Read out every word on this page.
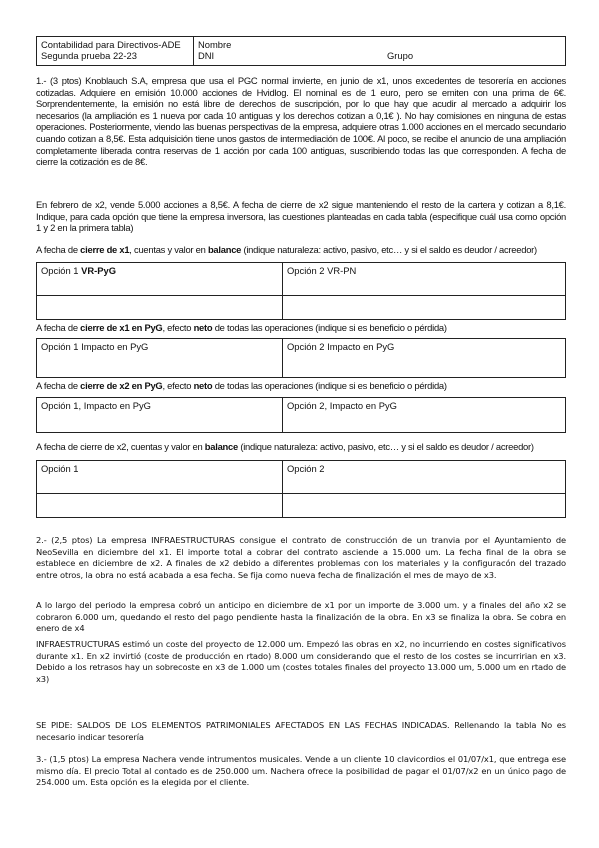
Contabilidad para Directivos-ADE
Segunda prueba 22-23

Nombre
DNI	Grupo
1.- (3 ptos) Knoblauch S.A, empresa que usa el PGC normal invierte, en junio de x1, unos excedentes de tesorería en acciones cotizadas. Adquiere en emisión 10.000 acciones de Hvidlog. El nominal es de 1 euro, pero se emiten con una prima de 6€. Sorprendentemente, la emisión no está libre de derechos de suscripción, por lo que hay que acudir al mercado a adquirir los necesarios (la ampliación es 1 nueva por cada 10 antiguas y los derechos cotizan a 0,1€ ). No hay comisiones en ninguna de estas operaciones. Posteriormente, viendo las buenas perspectivas de la empresa, adquiere otras 1.000 acciones en el mercado secundario cuando cotizan a 8,5€. Esta adquisición tiene unos gastos de intermediación de 100€. Al poco, se recibe el anuncio de una ampliación completamente liberada contra reservas de 1 acción por cada 100 antiguas, suscribiendo todas las que corresponden. A fecha de cierre la cotización es de 8€.
En febrero de x2, vende 5.000 acciones a 8,5€. A fecha de cierre de x2 sigue manteniendo el resto de la cartera y cotizan a 8,1€. Indique, para cada opción que tiene la empresa inversora, las cuestiones planteadas en cada tabla (especifique cuál usa como opción 1 y 2 en la primera tabla)
A fecha de cierre de x1, cuentas y valor en balance (indique naturaleza: activo, pasivo, etc… y si el saldo es deudor / acreedor)
Opción 1 VR-PyG	Opción 2 VR-PN

A fecha de cierre de x1 en PyG, efecto neto de todas las operaciones (indique si es beneficio o pérdida)
Opción 1 Impacto en PyG	Opción 2 Impacto en PyG
A fecha de cierre de x2 en PyG, efecto neto de todas las operaciones (indique si es beneficio o pérdida)
Opción 1, Impacto en PyG	Opción 2, Impacto en PyG
A fecha de cierre de x2, cuentas y valor en balance (indique naturaleza: activo, pasivo, etc… y si el saldo es deudor / acreedor)
Opción 1	Opción 2

2.- (2,5 ptos) La empresa INFRAESTRUCTURAS consigue el contrato de construcción de un tranvia por el Ayuntamiento de NeoSevilla en diciembre del x1. El importe total a cobrar del contrato asciende a 15.000 um. La fecha final de la obra se establece en diciembre de x2. A finales de x2 debido a diferentes problemas con los materiales y la configuracón del trazado entre otros, la obra no está acabada a esa fecha. Se fija como nueva fecha de finalización el mes de mayo de x3.
A lo largo del periodo la empresa cobró un anticipo en diciembre de x1 por un importe de 3.000 um. y a finales del año x2 se cobraron 6.000 um, quedando el resto del pago pendiente hasta la finalización de la obra. En x3 se finaliza la obra. Se cobra en enero de x4
INFRAESTRUCTURAS estimó un coste del proyecto de 12.000 um. Empezó las obras en x2, no incurriendo en costes significativos durante x1. En x2 invirtió (coste de producción en rtado) 8.000 um considerando que el resto de los costes se incurririan en x3. Debido a los retrasos hay un sobrecoste en x3 de 1.000 um (costes totales finales del proyecto 13.000 um, 5.000 um en rtado de x3)
SE PIDE: SALDOS DE LOS ELEMENTOS PATRIMONIALES AFECTADOS EN LAS FECHAS INDICADAS. Rellenando la tabla No es necesario indicar tesorería
3.- (1,5 ptos) La empresa Nachera vende intrumentos musicales. Vende a un cliente 10 clavicordios el 01/07/x1, que entrega ese mismo día. El precio Total al contado es de 250.000 um. Nachera ofrece la posibilidad de pagar el 01/07/x2 en un único pago de 254.000 um. Esta opción es la elegida por el cliente.
